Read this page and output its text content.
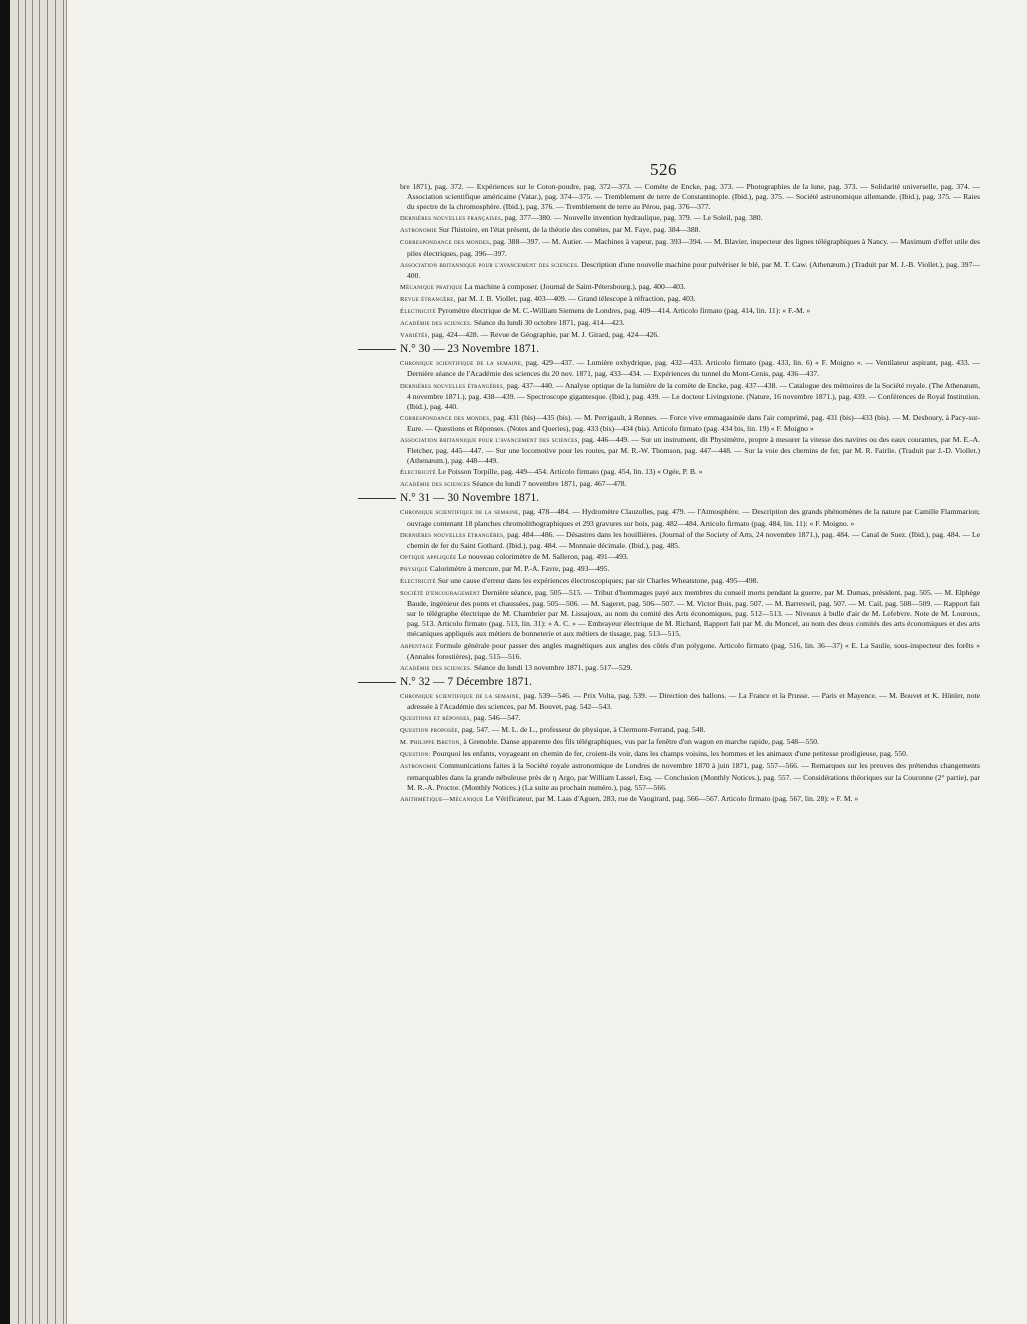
526
bre 1871), pag. 372. — Expériences sur le Coton-poudre, pag. 372—373. — Comète de Encke, pag. 373. — Photographies de la lune, pag. 373. — Solidarité universelle, pag. 374. — Association scientifique américaine (Vatar.), pag. 374—375. — Tremblement de terre de Constantinople. (Ibid.), pag. 375. — Société astronomique allemande. (Ibid.), pag. 375. — Raies du spectre de la chromosphère. (Ibid.), pag. 376. — Tremblement de terre au Pérou, pag. 376—377.
Dernières nouvelles françaises, pag. 377—380. — Nouvelle invention hydraulique, pag. 379. — Le Soleil, pag. 380.
Astronomie Sur l'histoire, en l'état présent, de la théorie des comètes, par M. Faye, pag. 384—388.
Correspondance des mondes, pag. 388—397. — M. Autier. — Machines à vapeur, pag. 393—394. — M. Blavier, inspecteur des lignes télégraphiques à Nancy. — Maximum d'effet utile des piles électriques, pag. 396—397.
Association britannique pour l'avancement des sciences. Description d'une nouvelle machine pour pulvériser le blé, par M. T. Caw. (Athenæum.) (Traduit par M. J.-B. Viollet.), pag. 397—400.
Mécanique pratique La machine à composer. (Journal de Saint-Pétersbourg.), pag. 400—403.
Revue étrangère, par M. J. B. Viollet, pag. 403—409. — Grand télescope à réfraction, pag. 403.
Électricité Pyromètre électrique de M. C.-William Siemens de Londres, pag. 409—414. Articolo firmato (pag. 414, lin. 11): « F.-M. »
Académie des sciences. Séance du lundi 30 octobre 1871, pag. 414—423.
Variétés, pag. 424—428. — Revue de Géographie, par M. J. Girard, pag. 424—426.
N.° 30 — 23 Novembre 1871.
Chronique scientifique de la semaine, pag. 429—437. — Lumière oxhydrique, pag. 432—433. Articolo firmato (pag. 433, lin. 6) « F. Moigno ». — Ventilateur aspirant, pag. 433. — Dernière séance de l'Académie des sciences du 20 nov. 1871, pag. 433—434. — Expériences du tunnel du Mont-Cenis, pag. 436—437.
Dernières nouvelles étrangères, pag. 437—440. — Analyse optique de la lumière de la comète de Encke, pag. 437—438. — Catalogue des mémoires de la Société royale. (The Athenæum, 4 novembre 1871.), pag. 438—439. — Spectroscope gigantesque. (Ibid.), pag. 439. — Le docteur Livingstone. (Nature, 16 novembre 1871.), pag. 439. — Conférences de Royal Institution. (Ibid.), pag. 440.
Correspondance des mondes, pag. 431 (bis)—435 (bis). — M. Perrigault, à Rennes. — Force vive emmagasinée dans l'air comprimé, pag. 431 (bis)—433 (bis). — M. Desboury, à Pacy-sur-Eure. — Questions et Réponses. (Notes and Queries), pag. 433 (bis)—434 (bis). Articolo firmato (pag. 434 bis, lin. 19) « F. Moigno »
Association britannique pour l'avancement des sciences, pag. 446—449. — Sur un instrument, dit Physimètre, propre à mesurer la vitesse des navires ou des eaux courantes, par M. E.-A. Fletcher, pag. 445—447. — Sur une locomotive pour les routes, par M. R.-W. Thomson, pag. 447—448. — Sur la voie des chemins de fer, par M. R. Fairlie. (Traduit par J.-D. Viollet.) (Athenæum.), pag. 448—449.
Électricité Le Poisson Torpille, pag. 449—454. Articolo firmato (pag. 454, lin. 13) « Ogée, P. B. »
Académie des sciences Séance du lundi 7 novembre 1871, pag. 467—478.
N.° 31 — 30 Novembre 1871.
Chronique scientifique de la semaine, pag. 478—484. — Hydromètre Clauzolles, pag. 479. — l'Atmosphère. — Description des grands phénomènes de la nature par Camille Flammarion; ouvrage contenant 18 planches chromolithographiques et 293 gravures sur bois, pag. 482—484. Articolo firmato (pag. 484, lin. 11): « F. Moigno. »
Dernières nouvelles étrangères, pag. 484—486. — Désastres dans les houillières. (Journal of the Society of Arts, 24 novembre 1871.), pag. 484. — Canal de Suez. (Ibid.), pag. 484. — Le chemin de fer du Saint Gothard. (Ibid.), pag. 484. — Monnaie décimale. (Ibid.), pag. 485.
Optique appliquée Le nouveau colorimètre de M. Salleron, pag. 491—493.
Physique Calorimètre à mercure, par M. P.-A. Favre, pag. 493—495.
Électricité Sur une cause d'erreur dans les expériences électroscopiques; par sir Charles Wheatstone, pag. 495—498.
Société d'encouragement Dernière séance, pag. 505—515. — Tribut d'hommages payé aux membres du conseil morts pendant la guerre, par M. Dumas, président, pag. 505. — M. Elphège Baude, ingénieur des ponts et chaussées, pag. 505—506. — M. Sageret, pag. 506—507. — M. Victor Bois, pag. 507. — M. Barreswil, pag. 507. — M. Cail, pag. 508—509. — Rapport fait sur le télégraphe électrique de M. Chambrier par M. Lissajoux, au nom du comité des Arts économiques, pag. 512—513. — Niveaux à bulle d'air de M. Lefebvre. Note de M. Louroux, pag. 513. Articolo firmato (pag. 513, lin. 31): « A. C. » — Embrayeur électrique de M. Richard, Rapport fait par M. du Moncel, au nom des deux comités des arts économiques et des arts mécaniques appliqués aux métiers de bonneterie et aux métiers de tissage, pag. 513—515.
Arpentage Formule générale pour passer des angles magnétiques aux angles des côtés d'un polygone. Articolo firmato (pag. 516, lin. 36—37) « E. La Saulie, sous-inspecteur des forêts » (Annales forestières), pag. 515—516.
Académie des sciences. Séance du lundi 13 novembre 1871, pag. 517—529.
N.° 32 — 7 Décembre 1871.
Chronique scientifique de la semaine, pag. 539—546. — Prix Volta, pag. 539. — Direction des ballons. — La France et la Prusse. — Paris et Mayence. — M. Bouvet et K. Hünler, note adressée à l'Académie des sciences, par M. Bouvet, pag. 542—543.
Questions et réponses, pag. 546—547.
Question proposée, pag. 547. — M. L. de L., professeur de physique, à Clermont-Ferrand, pag. 548.
M. Philippe Breton, à Grenoble. Danse apparente des fils télégraphiques, vus par la fenêtre d'un wagon en marche rapide, pag. 548—550.
Question: Pourquoi les enfants, voyageant en chemin de fer, croient-ils voir, dans les champs voisins, les hommes et les animaux d'une petitesse prodigieuse, pag. 550.
Astronomie Communications faites à la Société royale astronomique de Londres de novembre 1870 à juin 1871, pag. 557—566. — Remarques sur les preuves des prétendus changements remarquables dans la grande nébuleuse près de η Argo, par William Lassel, Esq. — Conclusion (Monthly Notices.), pag. 557. — Considérations théoriques sur la Couronne (2° partie), par M. R.-A. Proctor. (Monthly Notices.) (La suite au prochain numéro.), pag. 557—566.
Arithmétique—Mécanique Le Vérificateur, par M. Laas d'Aguen, 283, rue de Vaugirard, pag. 566—567. Articolo firmato (pag. 567, lin. 28): « F. M. »
